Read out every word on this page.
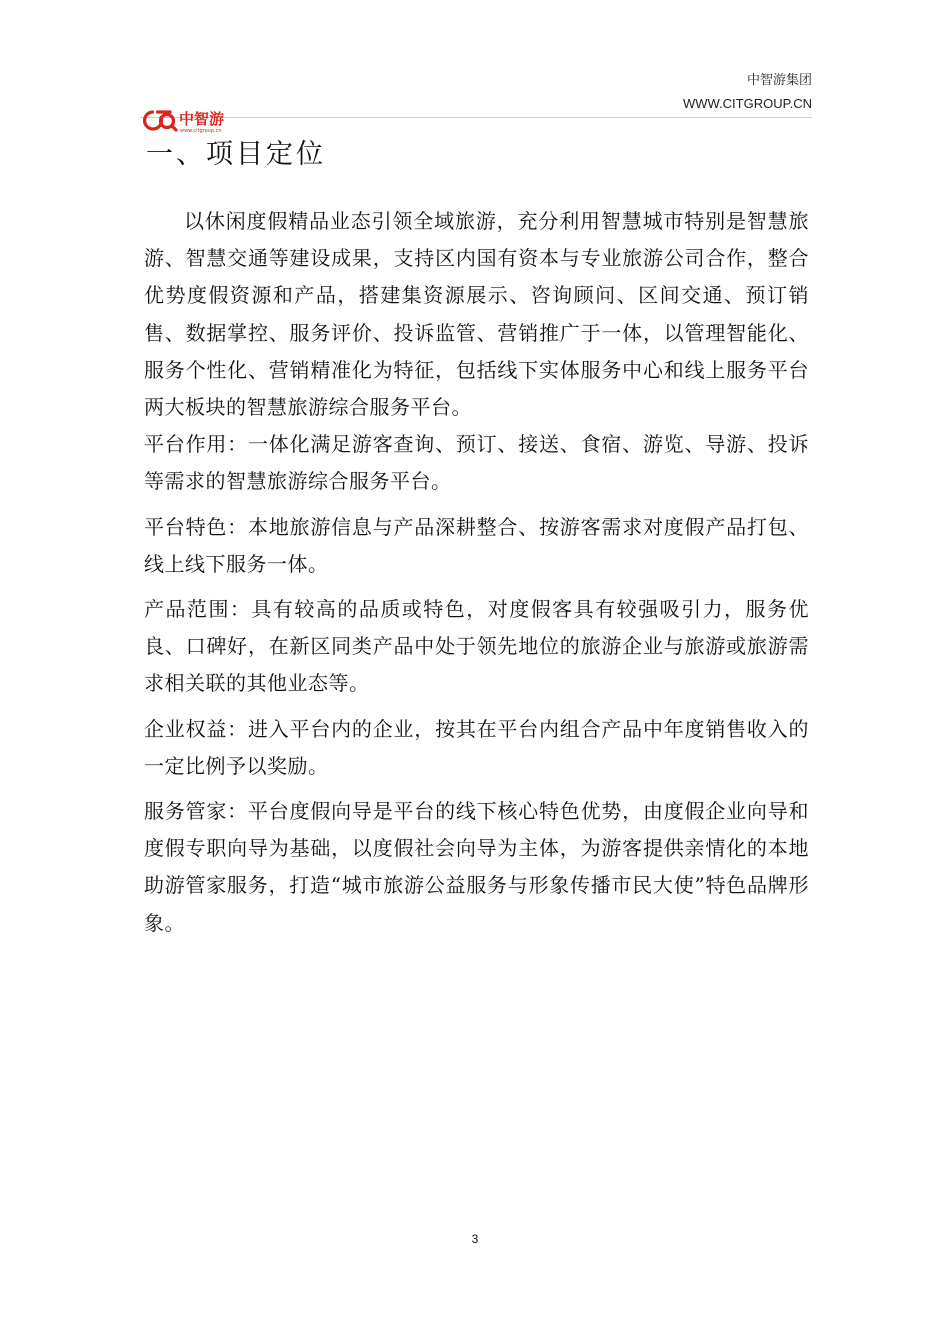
中智游集团
WWW.CITGROUP.CN
中智游
www.citgroup.cn
一、项目定位

以休闲度假精品业态引领全域旅游，充分利用智慧城市特别是智慧旅游、智慧交通等建设成果，支持区内国有资本与专业旅游公司合作，整合优势度假资源和产品，搭建集资源展示、咨询顾问、区间交通、预订销售、数据掌控、服务评价、投诉监管、营销推广于一体，以管理智能化、服务个性化、营销精准化为特征，包括线下实体服务中心和线上服务平台两大板块的智慧旅游综合服务平台。

平台作用：一体化满足游客查询、预订、接送、食宿、游览、导游、投诉等需求的智慧旅游综合服务平台。

平台特色：本地旅游信息与产品深耕整合、按游客需求对度假产品打包、线上线下服务一体。

产品范围：具有较高的品质或特色，对度假客具有较强吸引力，服务优良、口碑好，在新区同类产品中处于领先地位的旅游企业与旅游或旅游需求相关联的其他业态等。

企业权益：进入平台内的企业，按其在平台内组合产品中年度销售收入的一定比例予以奖励。

服务管家：平台度假向导是平台的线下核心特色优势，由度假企业向导和度假专职向导为基础，以度假社会向导为主体，为游客提供亲情化的本地助游管家服务，打造“城市旅游公益服务与形象传播市民大使”特色品牌形象。

3
